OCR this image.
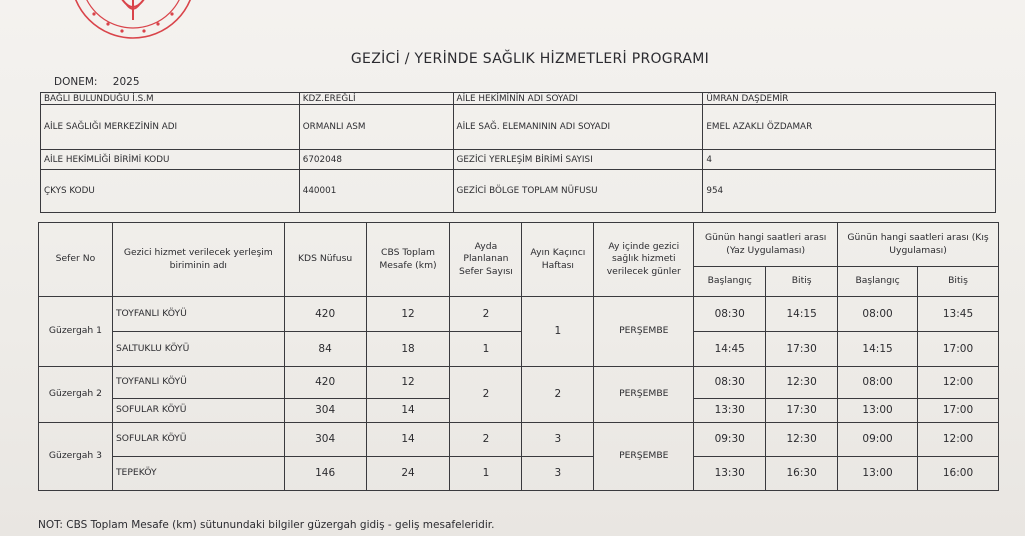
GEZİCİ / YERİNDE SAĞLIK HİZMETLERİ PROGRAMI
DONEM: 2025
BAĞLI BULUNDUĞU İ.S.M	KDZ.EREĞLİ	AİLE HEKİMİNİN ADI SOYADI	ÜMRAN DAŞDEMİR
AİLE SAĞLIĞI MERKEZİNİN ADI	ORMANLI ASM	AİLE SAĞ. ELEMANININ ADI SOYADI	EMEL AZAKLI ÖZDAMAR
AİLE HEKİMLİĞİ BİRİMİ KODU	6702048	GEZİCİ YERLEŞİM BİRİMİ SAYISI	4
ÇKYS KODU	440001	GEZİCİ BÖLGE TOPLAM NÜFUSU	954
Sefer No	Gezici hizmet verilecek yerleşim biriminin adı	KDS Nüfusu	CBS Toplam Mesafe (km)	Ayda Planlanan Sefer Sayısı	Ayın Kaçıncı Haftası	Ay içinde gezici sağlık hizmeti verilecek günler	Günün hangi saatleri arası (Yaz Uygulaması)		Günün hangi saatleri arası (Kış Uygulaması)	
							Başlangıç	Bitiş	Başlangıç	Bitiş
Güzergah 1	TOYFANLI KÖYÜ	420	12	2	1	PERŞEMBE	08:30	14:15	08:00	13:45
	SALTUKLU KÖYÜ	84	18	1			14:45	17:30	14:15	17:00
Güzergah 2	TOYFANLI KÖYÜ	420	12	2	2	PERŞEMBE	08:30	12:30	08:00	12:00
	SOFULAR KÖYÜ	304	14				13:30	17:30	13:00	17:00
Güzergah 3	SOFULAR KÖYÜ	304	14	2	3	PERŞEMBE	09:30	12:30	09:00	12:00
	TEPEKÖY	146	24	1	3		13:30	16:30	13:00	16:00
NOT: CBS Toplam Mesafe (km) sütunundaki bilgiler güzergah gidiş - geliş mesafeleridir.
